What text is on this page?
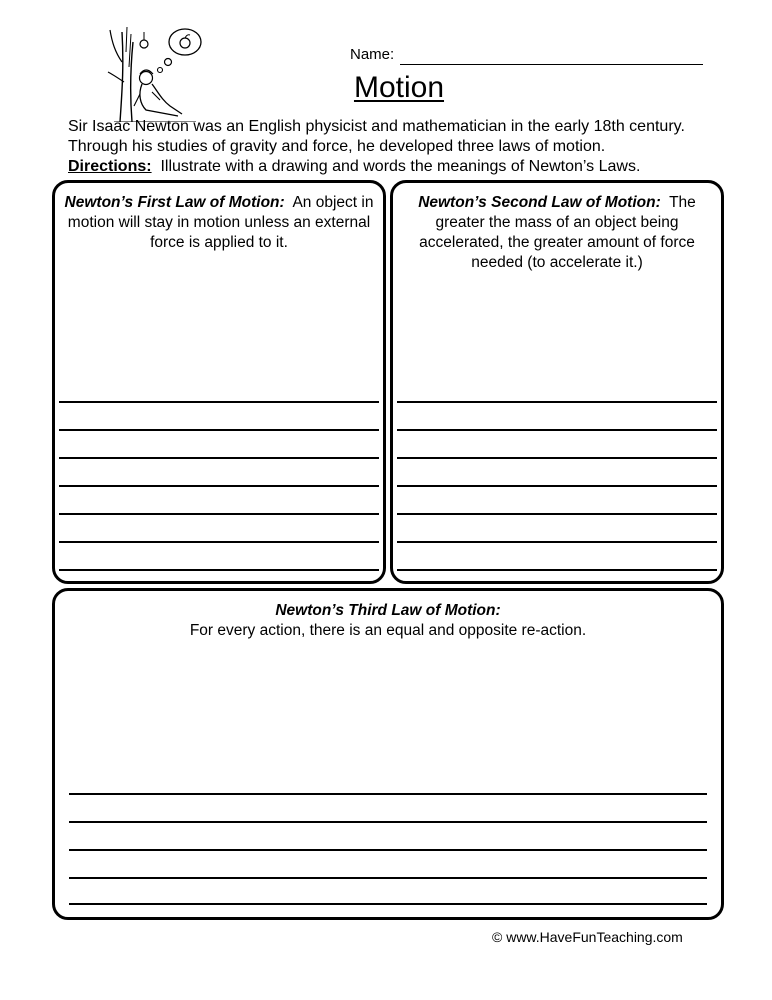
Name:
Motion

Sir Isaac Newton was an English physicist and mathematician in the early 18th century.

Through his studies of gravity and force, he developed three laws of motion.

Directions: Illustrate with a drawing and words the meanings of Newton’s Laws.

Newton’s First Law of Motion: An object in motion will stay in motion unless an external force is applied to it.
Newton’s Second Law of Motion: The greater the mass of an object being accelerated, the greater amount of force needed (to accelerate it.)
Newton’s Third Law of Motion:
For every action, there is an equal and opposite re-action.
© www.HaveFunTeaching.com
